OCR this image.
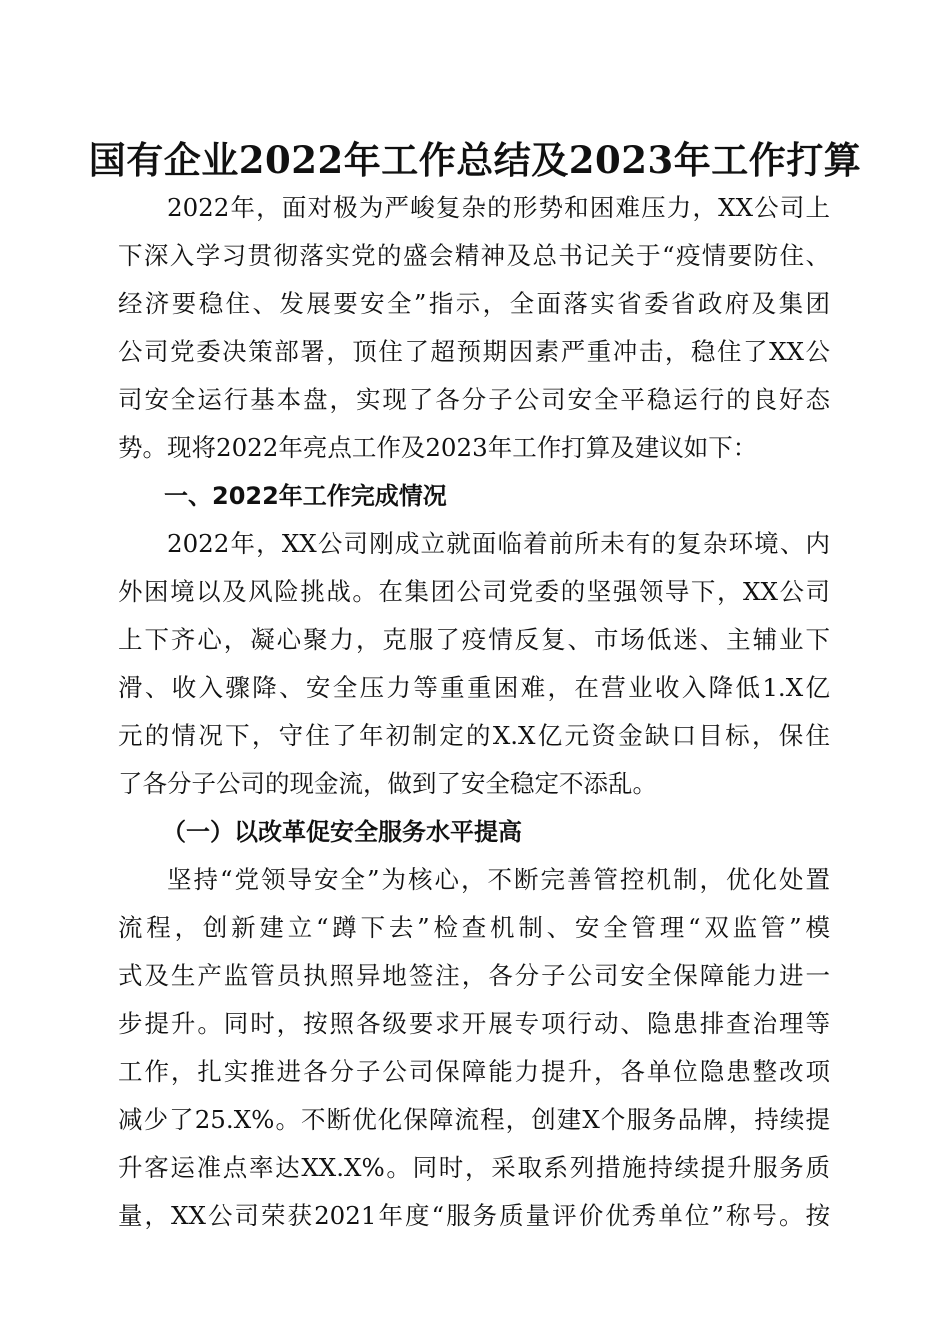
国有企业2022年工作总结及2023年工作打算
2022年，面对极为严峻复杂的形势和困难压力，XX公司上
下深入学习贯彻落实党的盛会精神及总书记关于“疫情要防住、
经济要稳住、发展要安全”指示，全面落实省委省政府及集团
公司党委决策部署，顶住了超预期因素严重冲击，稳住了XX公
司安全运行基本盘，实现了各分子公司安全平稳运行的良好态
势。现将2022年亮点工作及2023年工作打算及建议如下：
一、2022年工作完成情况
2022年，XX公司刚成立就面临着前所未有的复杂环境、内
外困境以及风险挑战。在集团公司党委的坚强领导下，XX公司
上下齐心，凝心聚力，克服了疫情反复、市场低迷、主辅业下
滑、收入骤降、安全压力等重重困难，在营业收入降低1.X亿
元的情况下，守住了年初制定的X.X亿元资金缺口目标，保住
了各分子公司的现金流，做到了安全稳定不添乱。
（一）以改革促安全服务水平提高
坚持“党领导安全”为核心，不断完善管控机制，优化处置
流程，创新建立“蹲下去”检查机制、安全管理“双监管”模
式及生产监管员执照异地签注，各分子公司安全保障能力进一
步提升。同时，按照各级要求开展专项行动、隐患排查治理等
工作，扎实推进各分子公司保障能力提升，各单位隐患整改项
减少了25.X%。不断优化保障流程，创建X个服务品牌，持续提
升客运准点率达XX.X%。同时，采取系列措施持续提升服务质
量，XX公司荣获2021年度“服务质量评价优秀单位”称号。按
